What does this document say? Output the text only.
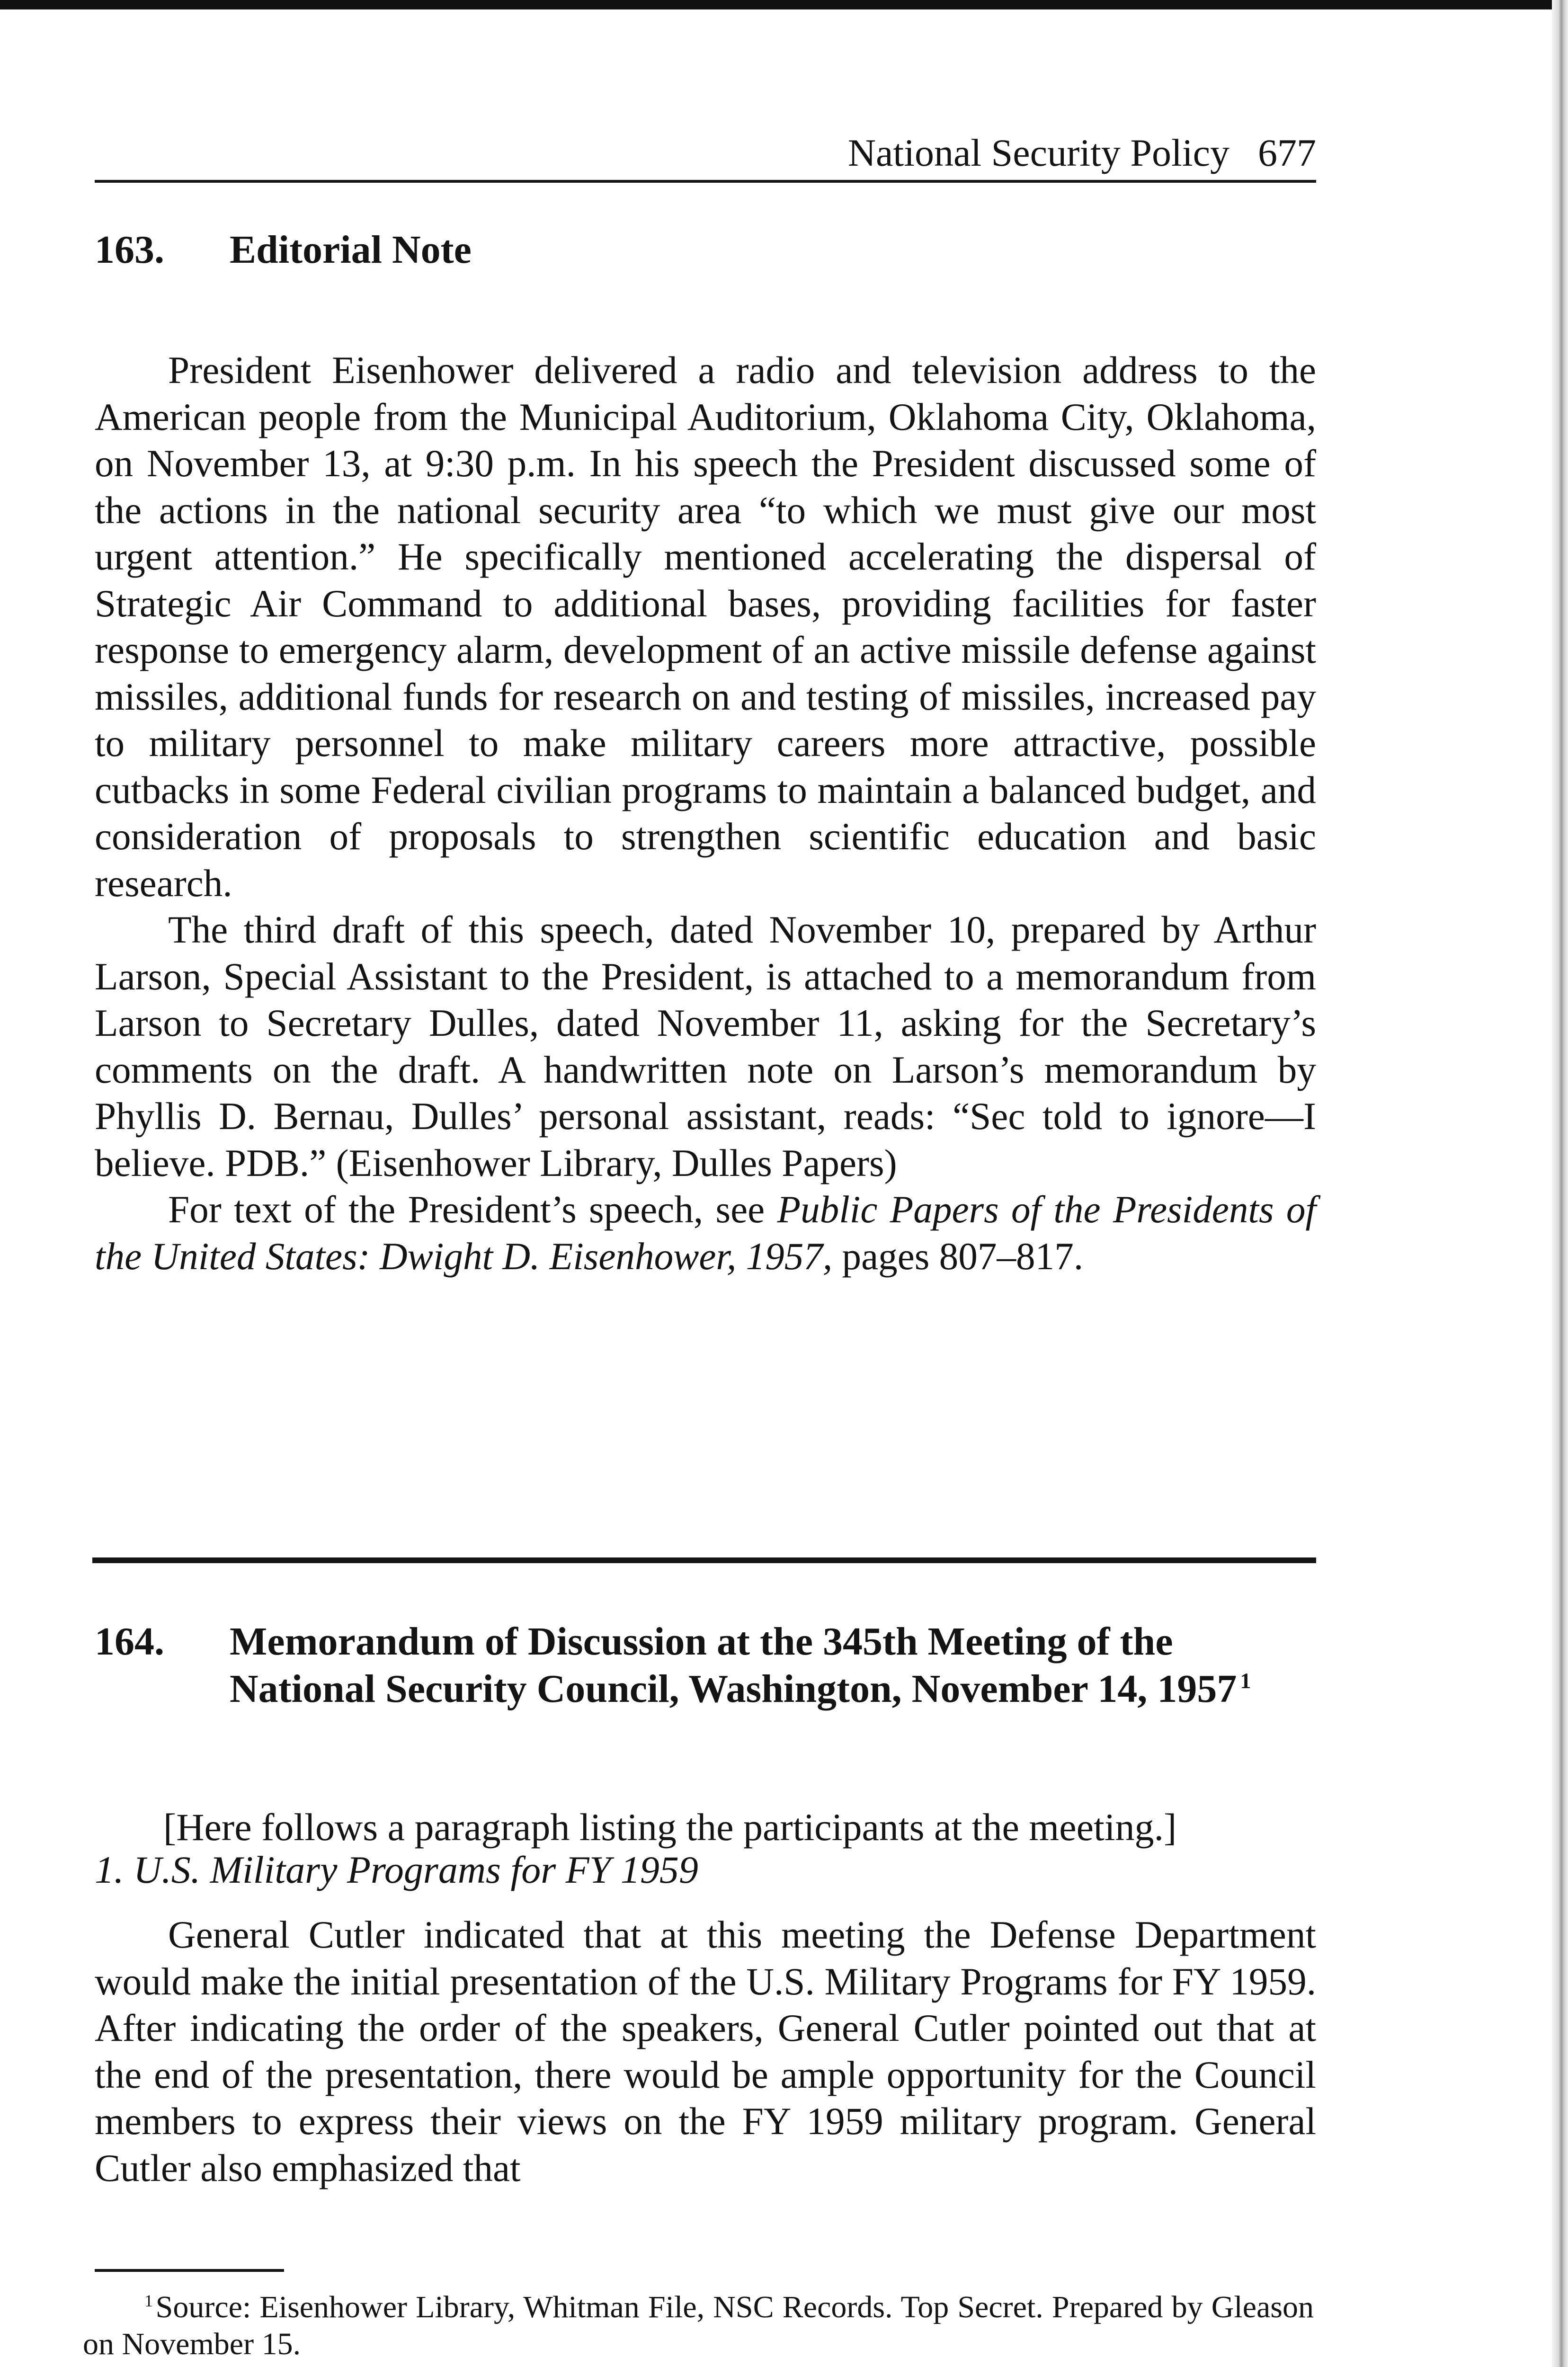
National Security Policy 677
163. Editorial Note

President Eisenhower delivered a radio and television address to the American people from the Municipal Auditorium, Oklahoma City, Oklahoma, on November 13, at 9:30 p.m. In his speech the President discussed some of the actions in the national security area “to which we must give our most urgent attention.” He specifically mentioned accelerating the dispersal of Strategic Air Command to additional bases, providing facilities for faster response to emergency alarm, development of an active missile defense against missiles, additional funds for research on and testing of missiles, increased pay to military personnel to make military careers more attractive, possible cutbacks in some Federal civilian programs to maintain a balanced budget, and consideration of proposals to strengthen scientific education and basic research.

The third draft of this speech, dated November 10, prepared by Arthur Larson, Special Assistant to the President, is attached to a memorandum from Larson to Secretary Dulles, dated November 11, asking for the Secretary’s comments on the draft. A handwritten note on Larson’s memorandum by Phyllis D. Bernau, Dulles’ personal assistant, reads: “Sec told to ignore—I believe. PDB.” (Eisenhower Library, Dulles Papers)

For text of the President’s speech, see Public Papers of the Presidents of the United States: Dwight D. Eisenhower, 1957, pages 807–817.

164. Memorandum of Discussion at the 345th Meeting of the National Security Council, Washington, November 14, 1957  $^1$
[Here follows a paragraph listing the participants at the meeting.]
1. U.S. Military Programs for FY 1959

General Cutler indicated that at this meeting the Defense Department would make the initial presentation of the U.S. Military Programs for FY 1959. After indicating the order of the speakers, General Cutler pointed out that at the end of the presentation, there would be ample opportunity for the Council members to express their views on the FY 1959 military program. General Cutler also emphasized that

$^1$ Source: Eisenhower Library, Whitman File, NSC Records. Top Secret. Prepared by Gleason on November 15.
